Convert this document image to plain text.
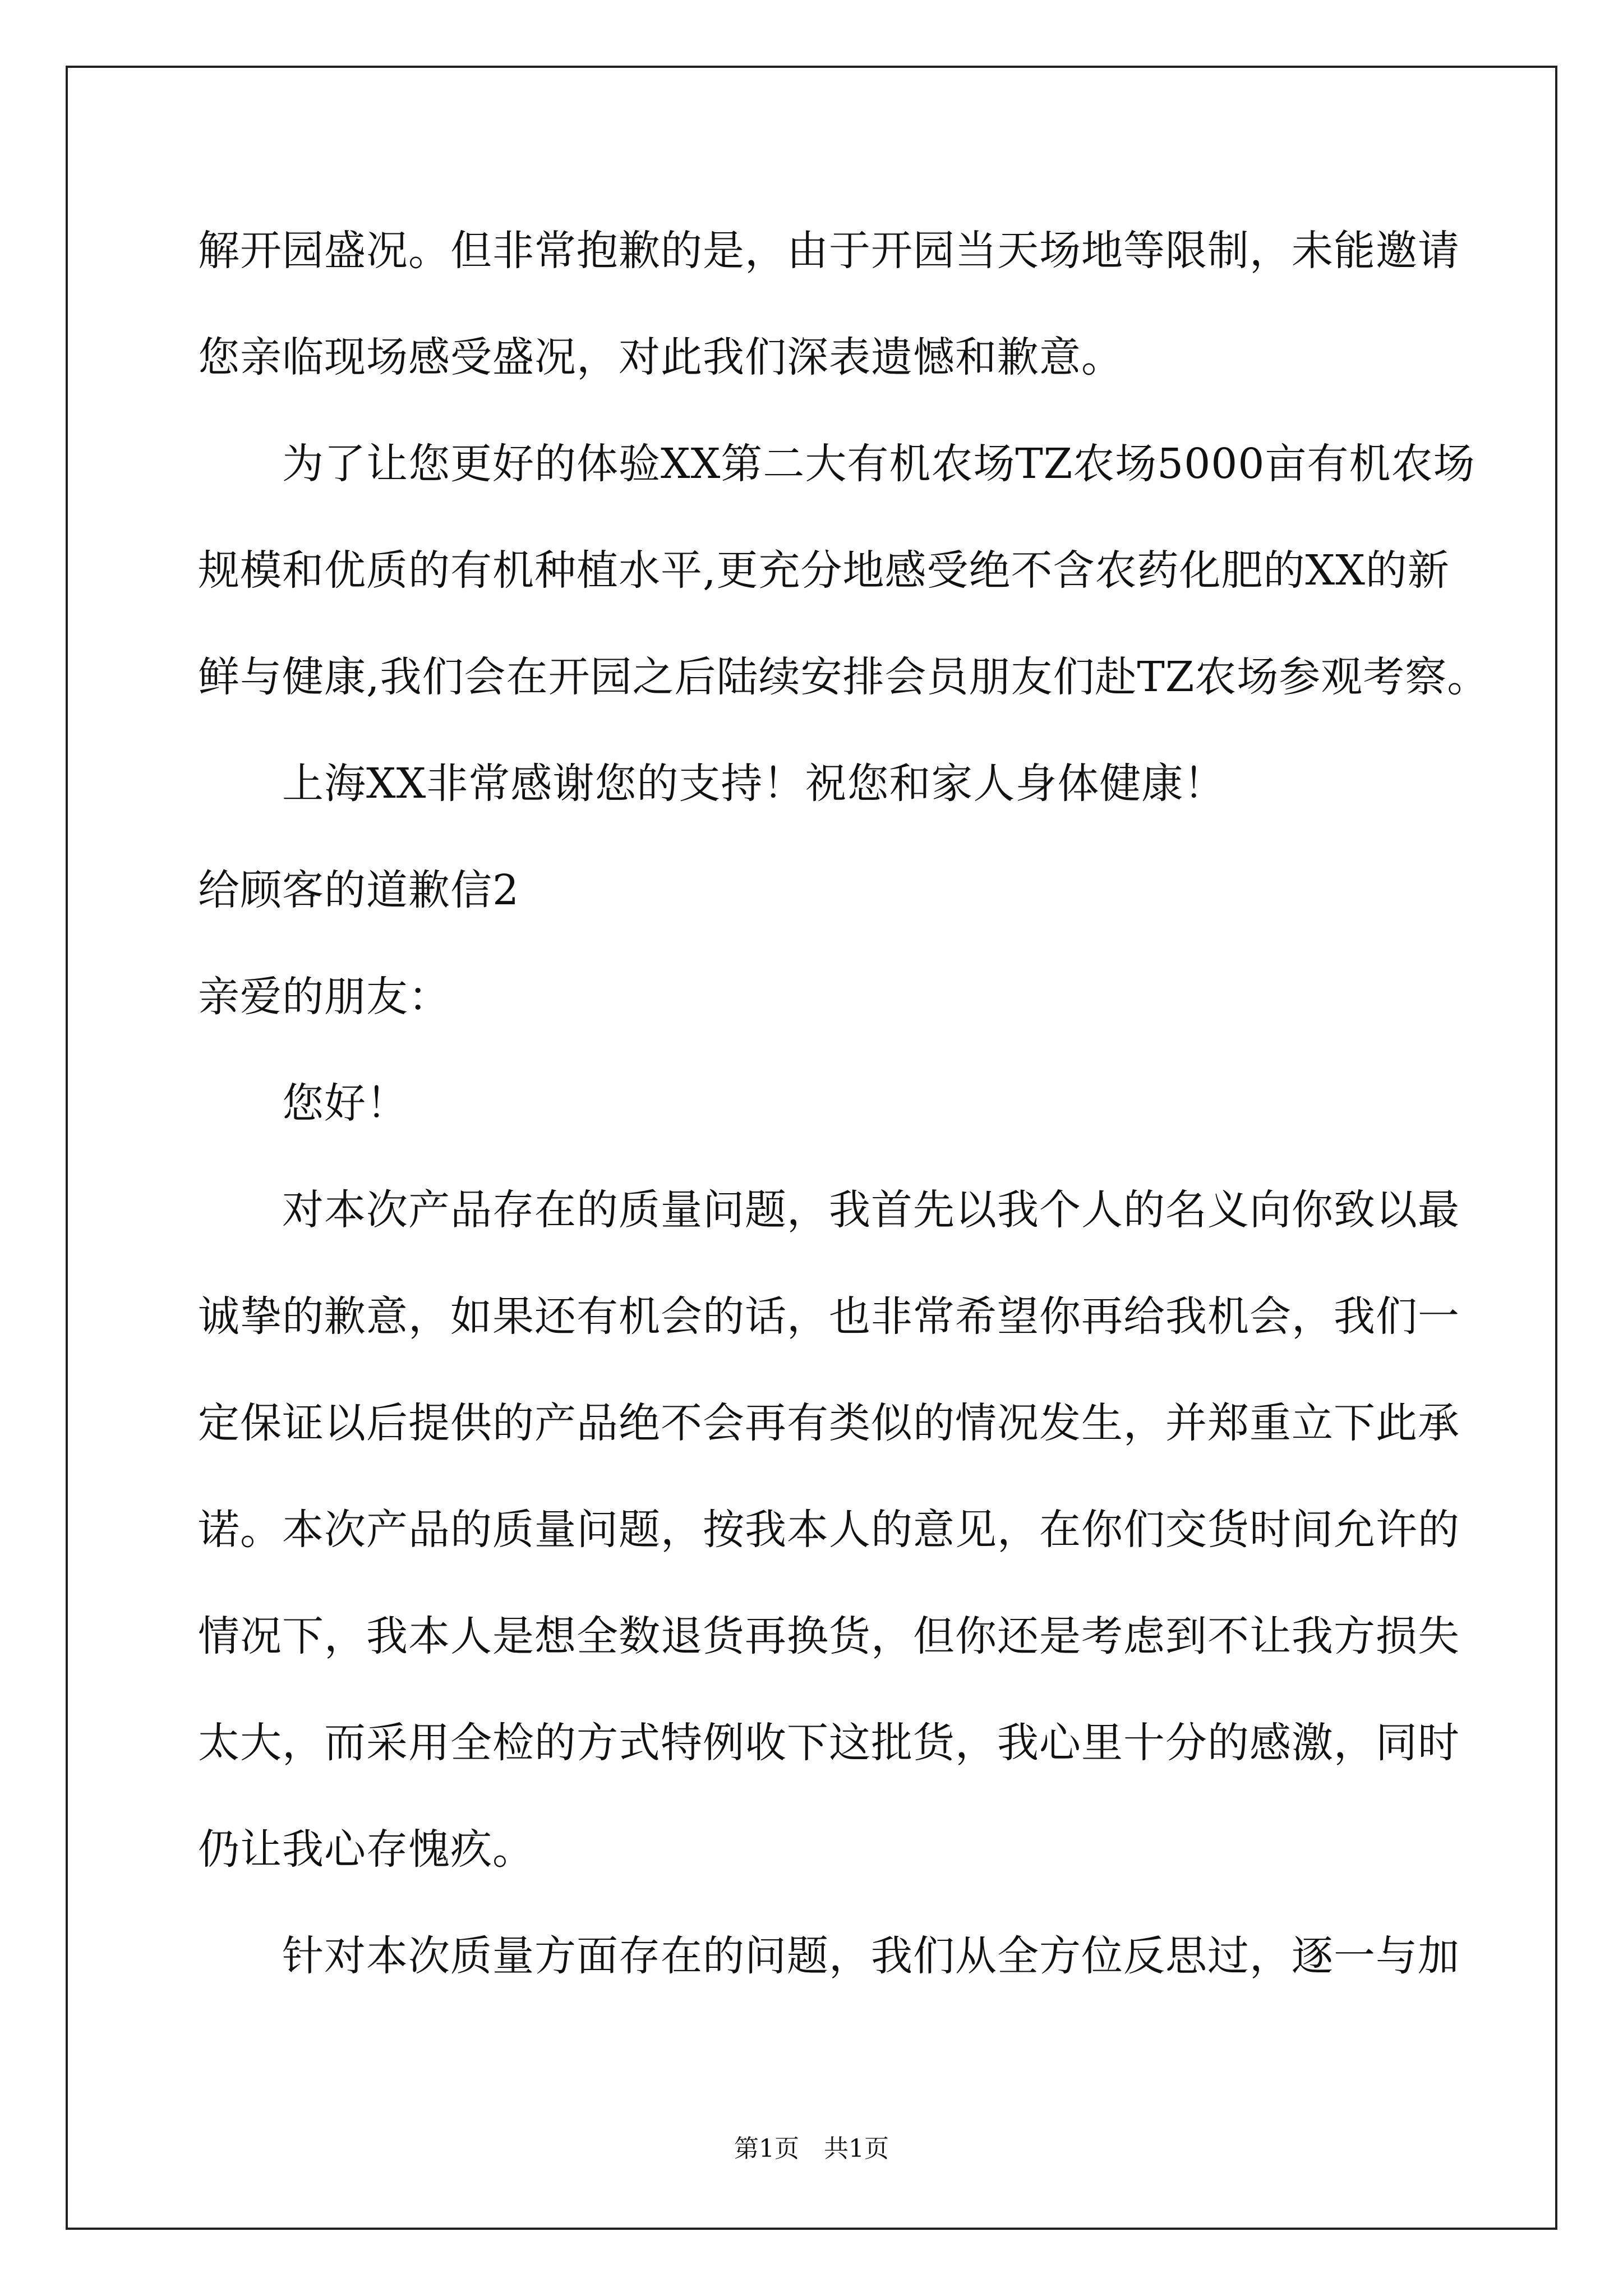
解开园盛况。但非常抱歉的是，由于开园当天场地等限制，未能邀请
您亲临现场感受盛况，对此我们深表遗憾和歉意。
为了让您更好的体验XX第二大有机农场TZ农场5000亩有机农场
规模和优质的有机种植水平,更充分地感受绝不含农药化肥的XX的新
鲜与健康,我们会在开园之后陆续安排会员朋友们赴TZ农场参观考察。
上海XX非常感谢您的支持！祝您和家人身体健康！
给顾客的道歉信2
亲爱的朋友：
您好！
对本次产品存在的质量问题，我首先以我个人的名义向你致以最
诚挚的歉意，如果还有机会的话，也非常希望你再给我机会，我们一
定保证以后提供的产品绝不会再有类似的情况发生，并郑重立下此承
诺。本次产品的质量问题，按我本人的意见，在你们交货时间允许的
情况下，我本人是想全数退货再换货，但你还是考虑到不让我方损失
太大，而采用全检的方式特例收下这批货，我心里十分的感激，同时
仍让我心存愧疚。
针对本次质量方面存在的问题，我们从全方位反思过，逐一与加
第1页　共1页
